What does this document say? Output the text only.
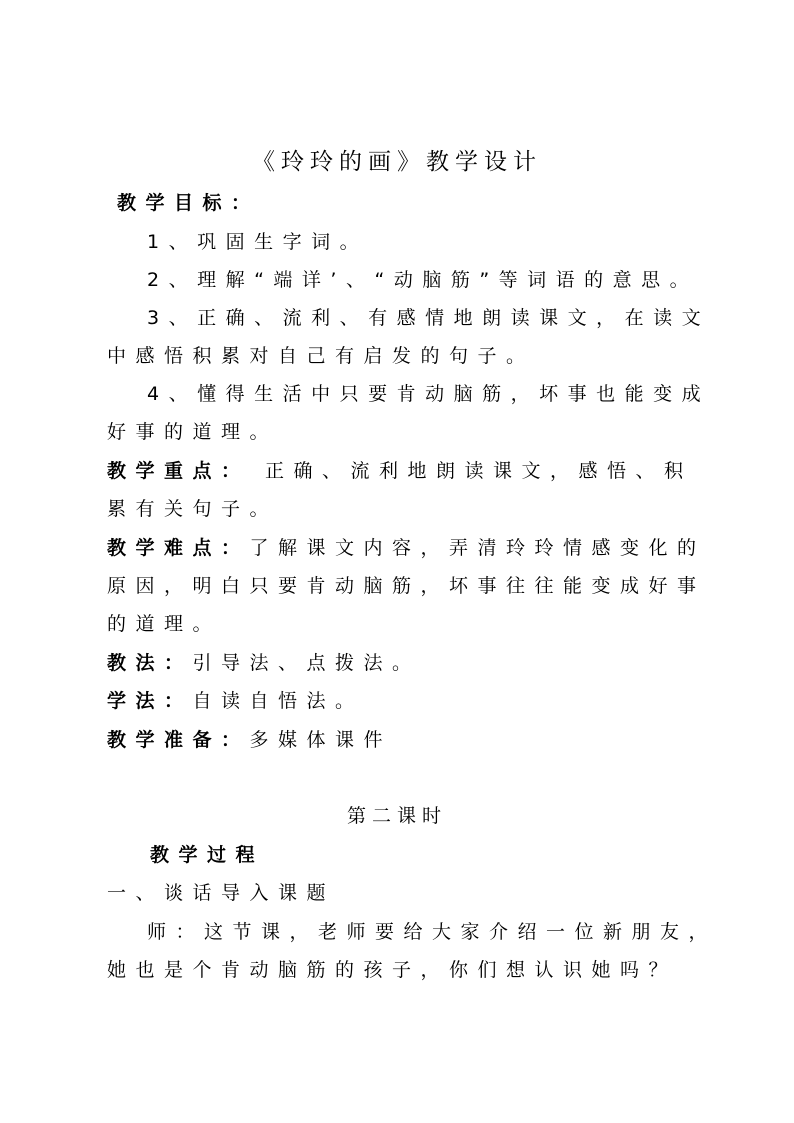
《玲玲的画》教学设计
教学目标：
1、巩固生字词。
2、理解“端详’、“动脑筋”等词语的意思。
3、正确、流利、有感情地朗读课文，在读文
中感悟积累对自己有启发的句子。
4、懂得生活中只要肯动脑筋，坏事也能变成
好事的道理。
教学重点： 正确、流利地朗读课文，感悟、积
累有关句子。
教学难点：了解课文内容，弄清玲玲情感变化的
原因，明白只要肯动脑筋，坏事往往能变成好事
的道理。
教法：引导法、点拨法。
学法：自读自悟法。
教学准备：多媒体课件
第二课时
教学过程
一、谈话导入课题
师：这节课，老师要给大家介绍一位新朋友，
她也是个肯动脑筋的孩子，你们想认识她吗？
